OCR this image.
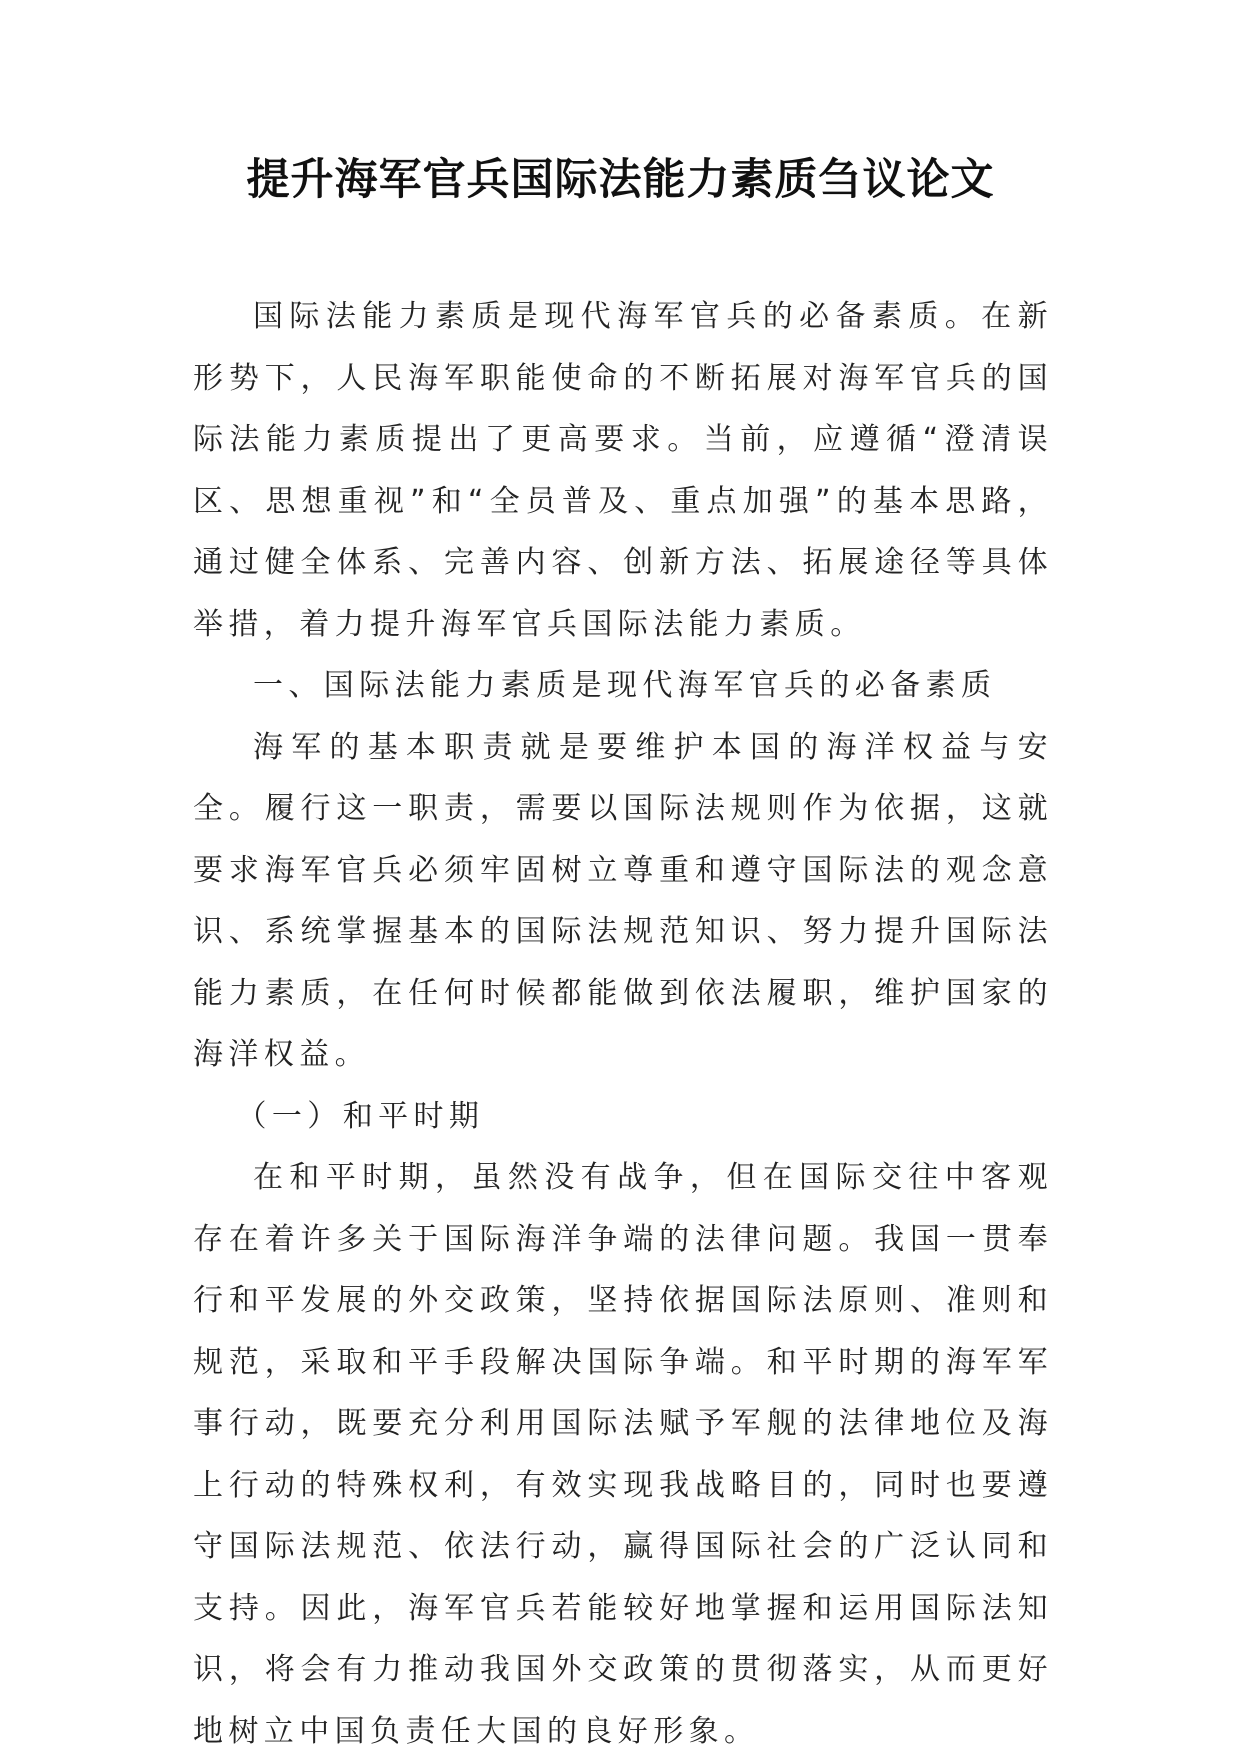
提升海军官兵国际法能力素质刍议论文

国际法能力素质是现代海军官兵的必备素质。在新形势下，人民海军职能使命的不断拓展对海军官兵的国际法能力素质提出了更高要求。当前，应遵循“澄清误区、思想重视”和“全员普及、重点加强”的基本思路，通过健全体系、完善内容、创新方法、拓展途径等具体举措，着力提升海军官兵国际法能力素质。

一、国际法能力素质是现代海军官兵的必备素质

海军的基本职责就是要维护本国的海洋权益与安全。履行这一职责，需要以国际法规则作为依据，这就要求海军官兵必须牢固树立尊重和遵守国际法的观念意识、系统掌握基本的国际法规范知识、努力提升国际法能力素质，在任何时候都能做到依法履职，维护国家的海洋权益。

（一）和平时期

在和平时期，虽然没有战争，但在国际交往中客观存在着许多关于国际海洋争端的法律问题。我国一贯奉行和平发展的外交政策，坚持依据国际法原则、准则和规范，采取和平手段解决国际争端。和平时期的海军军事行动，既要充分利用国际法赋予军舰的法律地位及海上行动的特殊权利，有效实现我战略目的，同时也要遵守国际法规范、依法行动，赢得国际社会的广泛认同和支持。因此，海军官兵若能较好地掌握和运用国际法知识，将会有力推动我国外交政策的贯彻落实，从而更好地树立中国负责任大国的良好形象。
